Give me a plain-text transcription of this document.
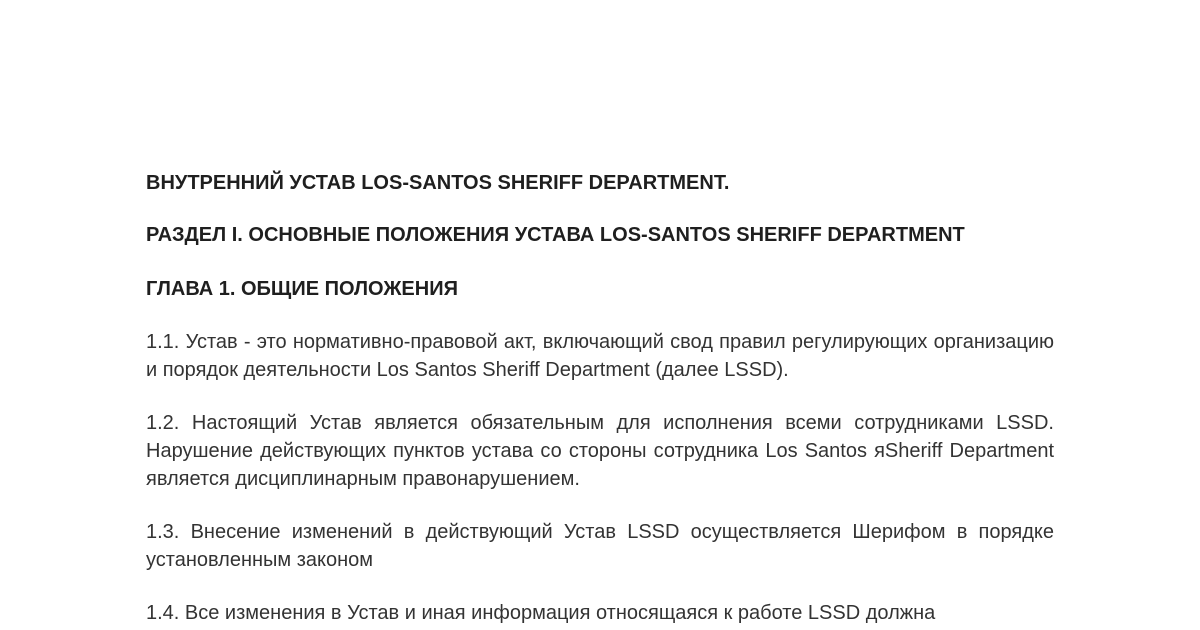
ВНУТРЕННИЙ УСТАВ LOS-SANTOS SHERIFF DEPARTMENT.
РАЗДЕЛ I. ОСНОВНЫЕ ПОЛОЖЕНИЯ УСТАВА LOS-SANTOS SHERIFF DEPARTMENT
ГЛАВА 1. ОБЩИЕ ПОЛОЖЕНИЯ

1.1. Устав - это нормативно-правовой акт, включающий свод правил регулирующих организацию и порядок деятельности Los Santos Sheriff Department (далее LSSD).

1.2. Настоящий Устав является обязательным для исполнения всеми сотрудниками LSSD. Нарушение действующих пунктов устава со стороны сотрудника Los Santos яSheriff Department является дисциплинарным правонарушением.

1.3. Внесение изменений в действующий Устав LSSD осуществляется Шерифом в порядке установленным законом

1.4. Все изменения в Устав и иная информация относящаяся к работе LSSD должна
